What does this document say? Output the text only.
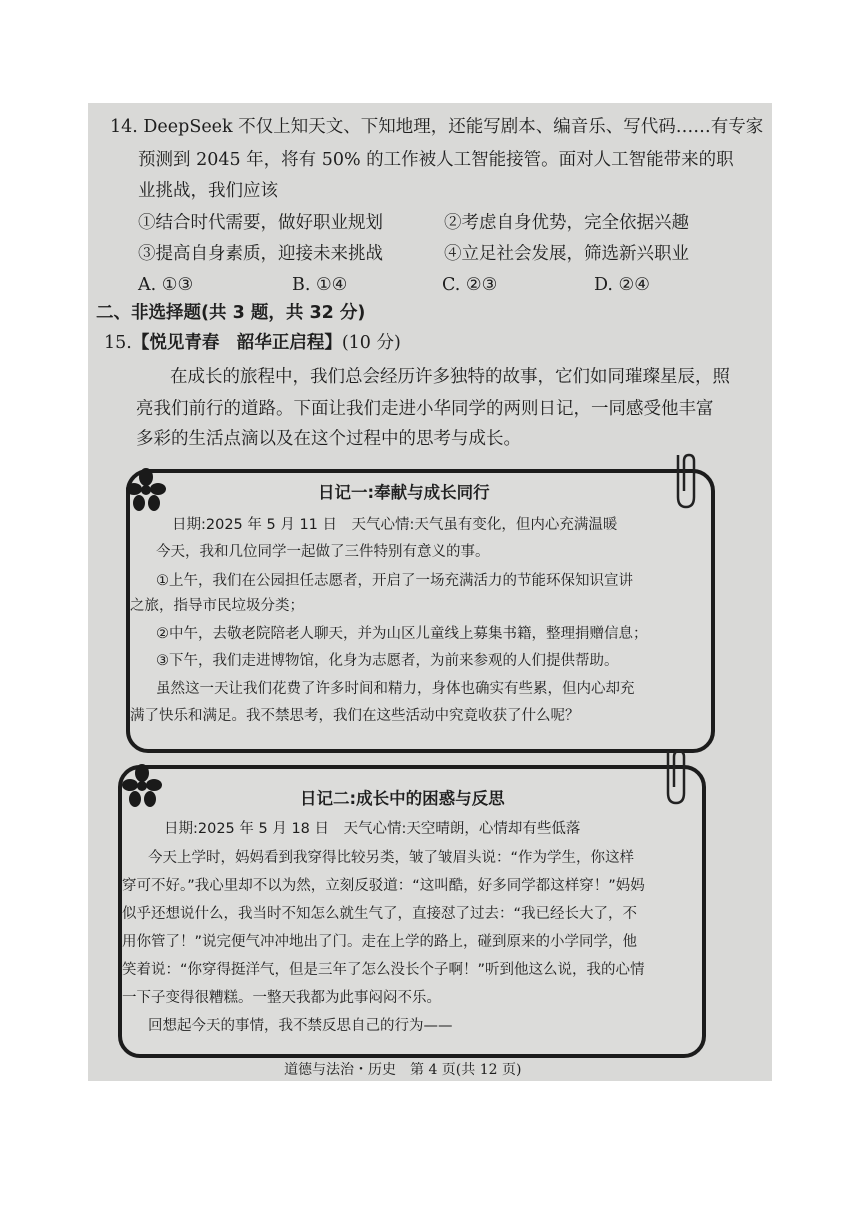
14. DeepSeek 不仅上知天文、下知地理，还能写剧本、编音乐、写代码……有专家
预测到 2045 年，将有 50% 的工作被人工智能接管。面对人工智能带来的职
业挑战，我们应该
①结合时代需要，做好职业规划	②考虑自身优势，完全依据兴趣
③提高自身素质，迎接未来挑战	④立足社会发展，筛选新兴职业
A. ①③	B. ①④	C. ②③	D. ②④
二、非选择题(共 3 题，共 32 分)
15.【悦见青春　韶华正启程】(10 分)
在成长的旅程中，我们总会经历许多独特的故事，它们如同璀璨星辰，照
亮我们前行的道路。下面让我们走进小华同学的两则日记，一同感受他丰富
多彩的生活点滴以及在这个过程中的思考与成长。
日记一:奉献与成长同行
日期:2025 年 5 月 11 日　天气心情:天气虽有变化，但内心充满温暖
今天，我和几位同学一起做了三件特别有意义的事。
①上午，我们在公园担任志愿者，开启了一场充满活力的节能环保知识宣讲
之旅，指导市民垃圾分类；
②中午，去敬老院陪老人聊天，并为山区儿童线上募集书籍，整理捐赠信息；
③下午，我们走进博物馆，化身为志愿者，为前来参观的人们提供帮助。
虽然这一天让我们花费了许多时间和精力，身体也确实有些累，但内心却充
满了快乐和满足。我不禁思考，我们在这些活动中究竟收获了什么呢？
日记二:成长中的困惑与反思
日期:2025 年 5 月 18 日　天气心情:天空晴朗，心情却有些低落
今天上学时，妈妈看到我穿得比较另类，皱了皱眉头说：“作为学生，你这样
穿可不好。”我心里却不以为然，立刻反驳道：“这叫酷，好多同学都这样穿！”妈妈
似乎还想说什么，我当时不知怎么就生气了，直接怼了过去：“我已经长大了，不
用你管了！”说完便气冲冲地出了门。走在上学的路上，碰到原来的小学同学，他
笑着说：“你穿得挺洋气，但是三年了怎么没长个子啊！”听到他这么说，我的心情
一下子变得很糟糕。一整天我都为此事闷闷不乐。
回想起今天的事情，我不禁反思自己的行为——
道德与法治・历史　第 4 页(共 12 页)
